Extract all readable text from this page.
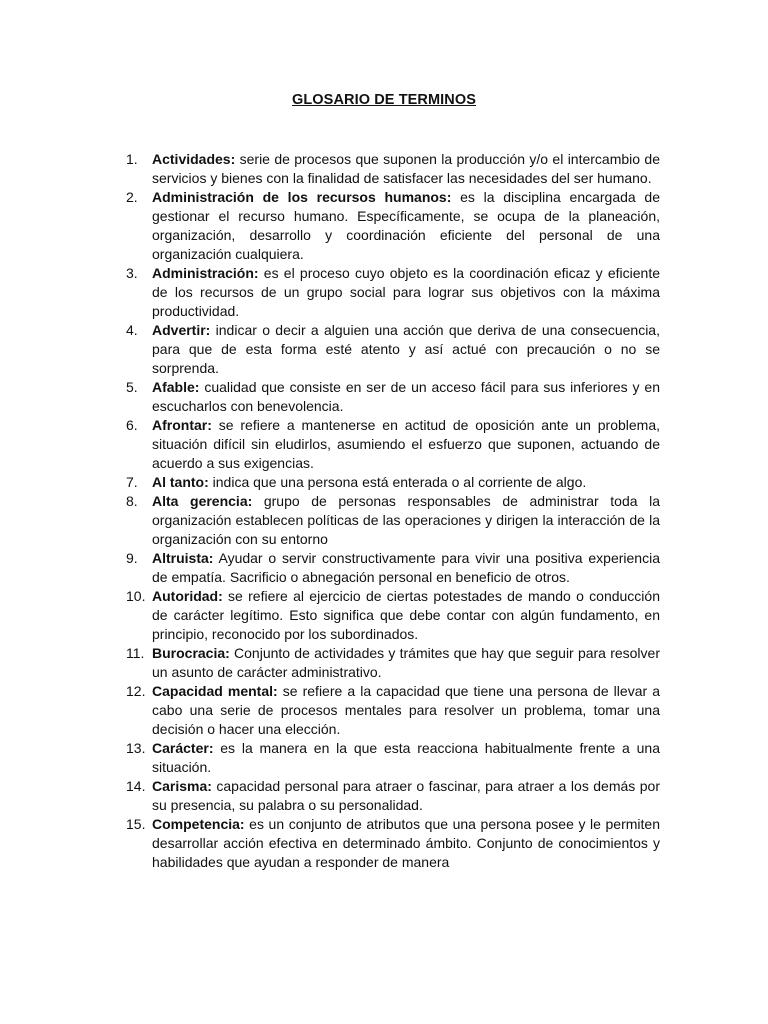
GLOSARIO DE TERMINOS
1.	Actividades: serie de procesos que suponen la producción y/o el intercambio de servicios y bienes con la finalidad de satisfacer las necesidades del ser humano.
2.	Administración de los recursos humanos: es la disciplina encargada de gestionar el recurso humano. Específicamente, se ocupa de la planeación, organización, desarrollo y coordinación eficiente del personal de una organización cualquiera.
3.	Administración: es el proceso cuyo objeto es la coordinación eficaz y eficiente de los recursos de un grupo social para lograr sus objetivos con la máxima productividad.
4.	Advertir: indicar o decir a alguien una acción que deriva de una consecuencia, para que de esta forma esté atento y así actué con precaución o no se sorprenda.
5.	Afable: cualidad que consiste en ser de un acceso fácil para sus inferiores y en escucharlos con benevolencia.
6.	Afrontar: se refiere a mantenerse en actitud de oposición ante un problema, situación difícil sin eludirlos, asumiendo el esfuerzo que suponen, actuando de acuerdo a sus exigencias.
7.	Al tanto: indica que una persona está enterada o al corriente de algo.
8.	Alta gerencia: grupo de personas responsables de administrar toda la organización establecen políticas de las operaciones y dirigen la interacción de la organización con su entorno
9.	Altruista: Ayudar o servir constructivamente para vivir una positiva experiencia de empatía. Sacrificio o abnegación personal en beneficio de otros.
10. Autoridad: se refiere al ejercicio de ciertas potestades de mando o conducción de carácter legítimo. Esto significa que debe contar con algún fundamento, en principio, reconocido por los subordinados.
11. Burocracia: Conjunto de actividades y trámites que hay que seguir para resolver un asunto de carácter administrativo.
12. Capacidad mental: se refiere a la capacidad que tiene una persona de llevar a cabo una serie de procesos mentales para resolver un problema, tomar una decisión o hacer una elección.
13. Carácter: es la manera en la que esta reacciona habitualmente frente a una situación.
14. Carisma: capacidad personal para atraer o fascinar, para atraer a los demás por su presencia, su palabra o su personalidad.
15. Competencia: es un conjunto de atributos que una persona posee y le permiten desarrollar acción efectiva en determinado ámbito. Conjunto de conocimientos y habilidades que ayudan a responder de manera
